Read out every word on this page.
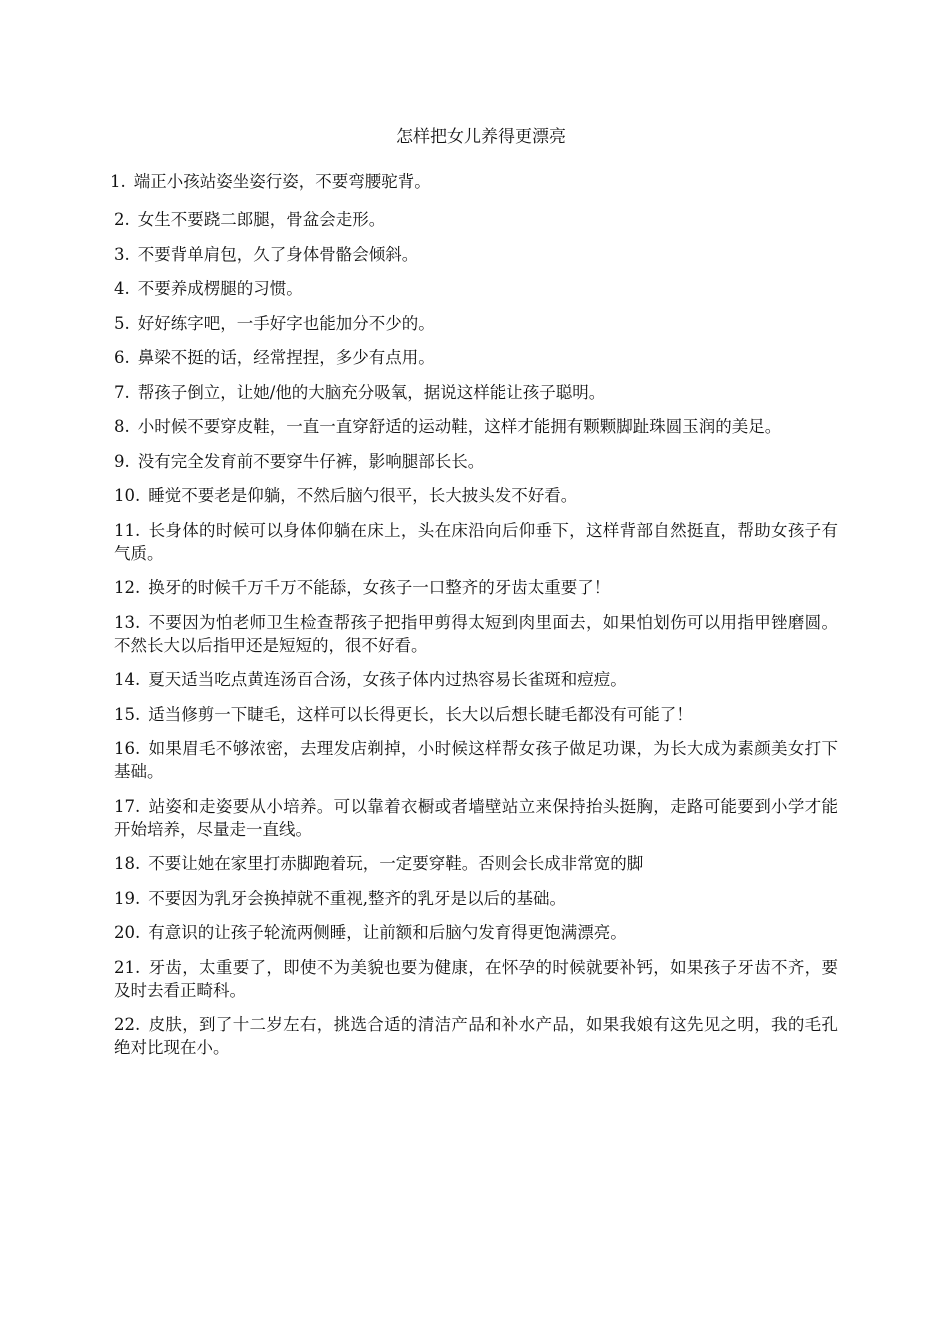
怎样把女儿养得更漂亮
1. 端正小孩站姿坐姿行姿，不要弯腰驼背。
2. 女生不要跷二郎腿，骨盆会走形。
3. 不要背单肩包，久了身体骨骼会倾斜。
4. 不要养成楞腿的习惯。
5. 好好练字吧，一手好字也能加分不少的。
6. 鼻梁不挺的话，经常捏捏，多少有点用。
7. 帮孩子倒立，让她/他的大脑充分吸氧，据说这样能让孩子聪明。
8. 小时候不要穿皮鞋，一直一直穿舒适的运动鞋，这样才能拥有颗颗脚趾珠圆玉润的美足。
9. 没有完全发育前不要穿牛仔裤，影响腿部长长。
10. 睡觉不要老是仰躺，不然后脑勺很平，长大披头发不好看。
11. 长身体的时候可以身体仰躺在床上，头在床沿向后仰垂下，这样背部自然挺直，帮助女孩子有气质。
12. 换牙的时候千万千万不能舔，女孩子一口整齐的牙齿太重要了！
13. 不要因为怕老师卫生检查帮孩子把指甲剪得太短到肉里面去，如果怕划伤可以用指甲锉磨圆。不然长大以后指甲还是短短的，很不好看。
14. 夏天适当吃点黄连汤百合汤，女孩子体内过热容易长雀斑和痘痘。
15. 适当修剪一下睫毛，这样可以长得更长，长大以后想长睫毛都没有可能了！
16. 如果眉毛不够浓密，去理发店剃掉，小时候这样帮女孩子做足功课，为长大成为素颜美女打下基础。
17. 站姿和走姿要从小培养。可以靠着衣橱或者墙壁站立来保持抬头挺胸，走路可能要到小学才能开始培养，尽量走一直线。
18. 不要让她在家里打赤脚跑着玩，一定要穿鞋。否则会长成非常宽的脚
19. 不要因为乳牙会换掉就不重视,整齐的乳牙是以后的基础。
20. 有意识的让孩子轮流两侧睡，让前额和后脑勺发育得更饱满漂亮。
21. 牙齿，太重要了，即使不为美貌也要为健康，在怀孕的时候就要补钙，如果孩子牙齿不齐，要及时去看正畸科。
22. 皮肤，到了十二岁左右，挑选合适的清洁产品和补水产品，如果我娘有这先见之明，我的毛孔绝对比现在小。
